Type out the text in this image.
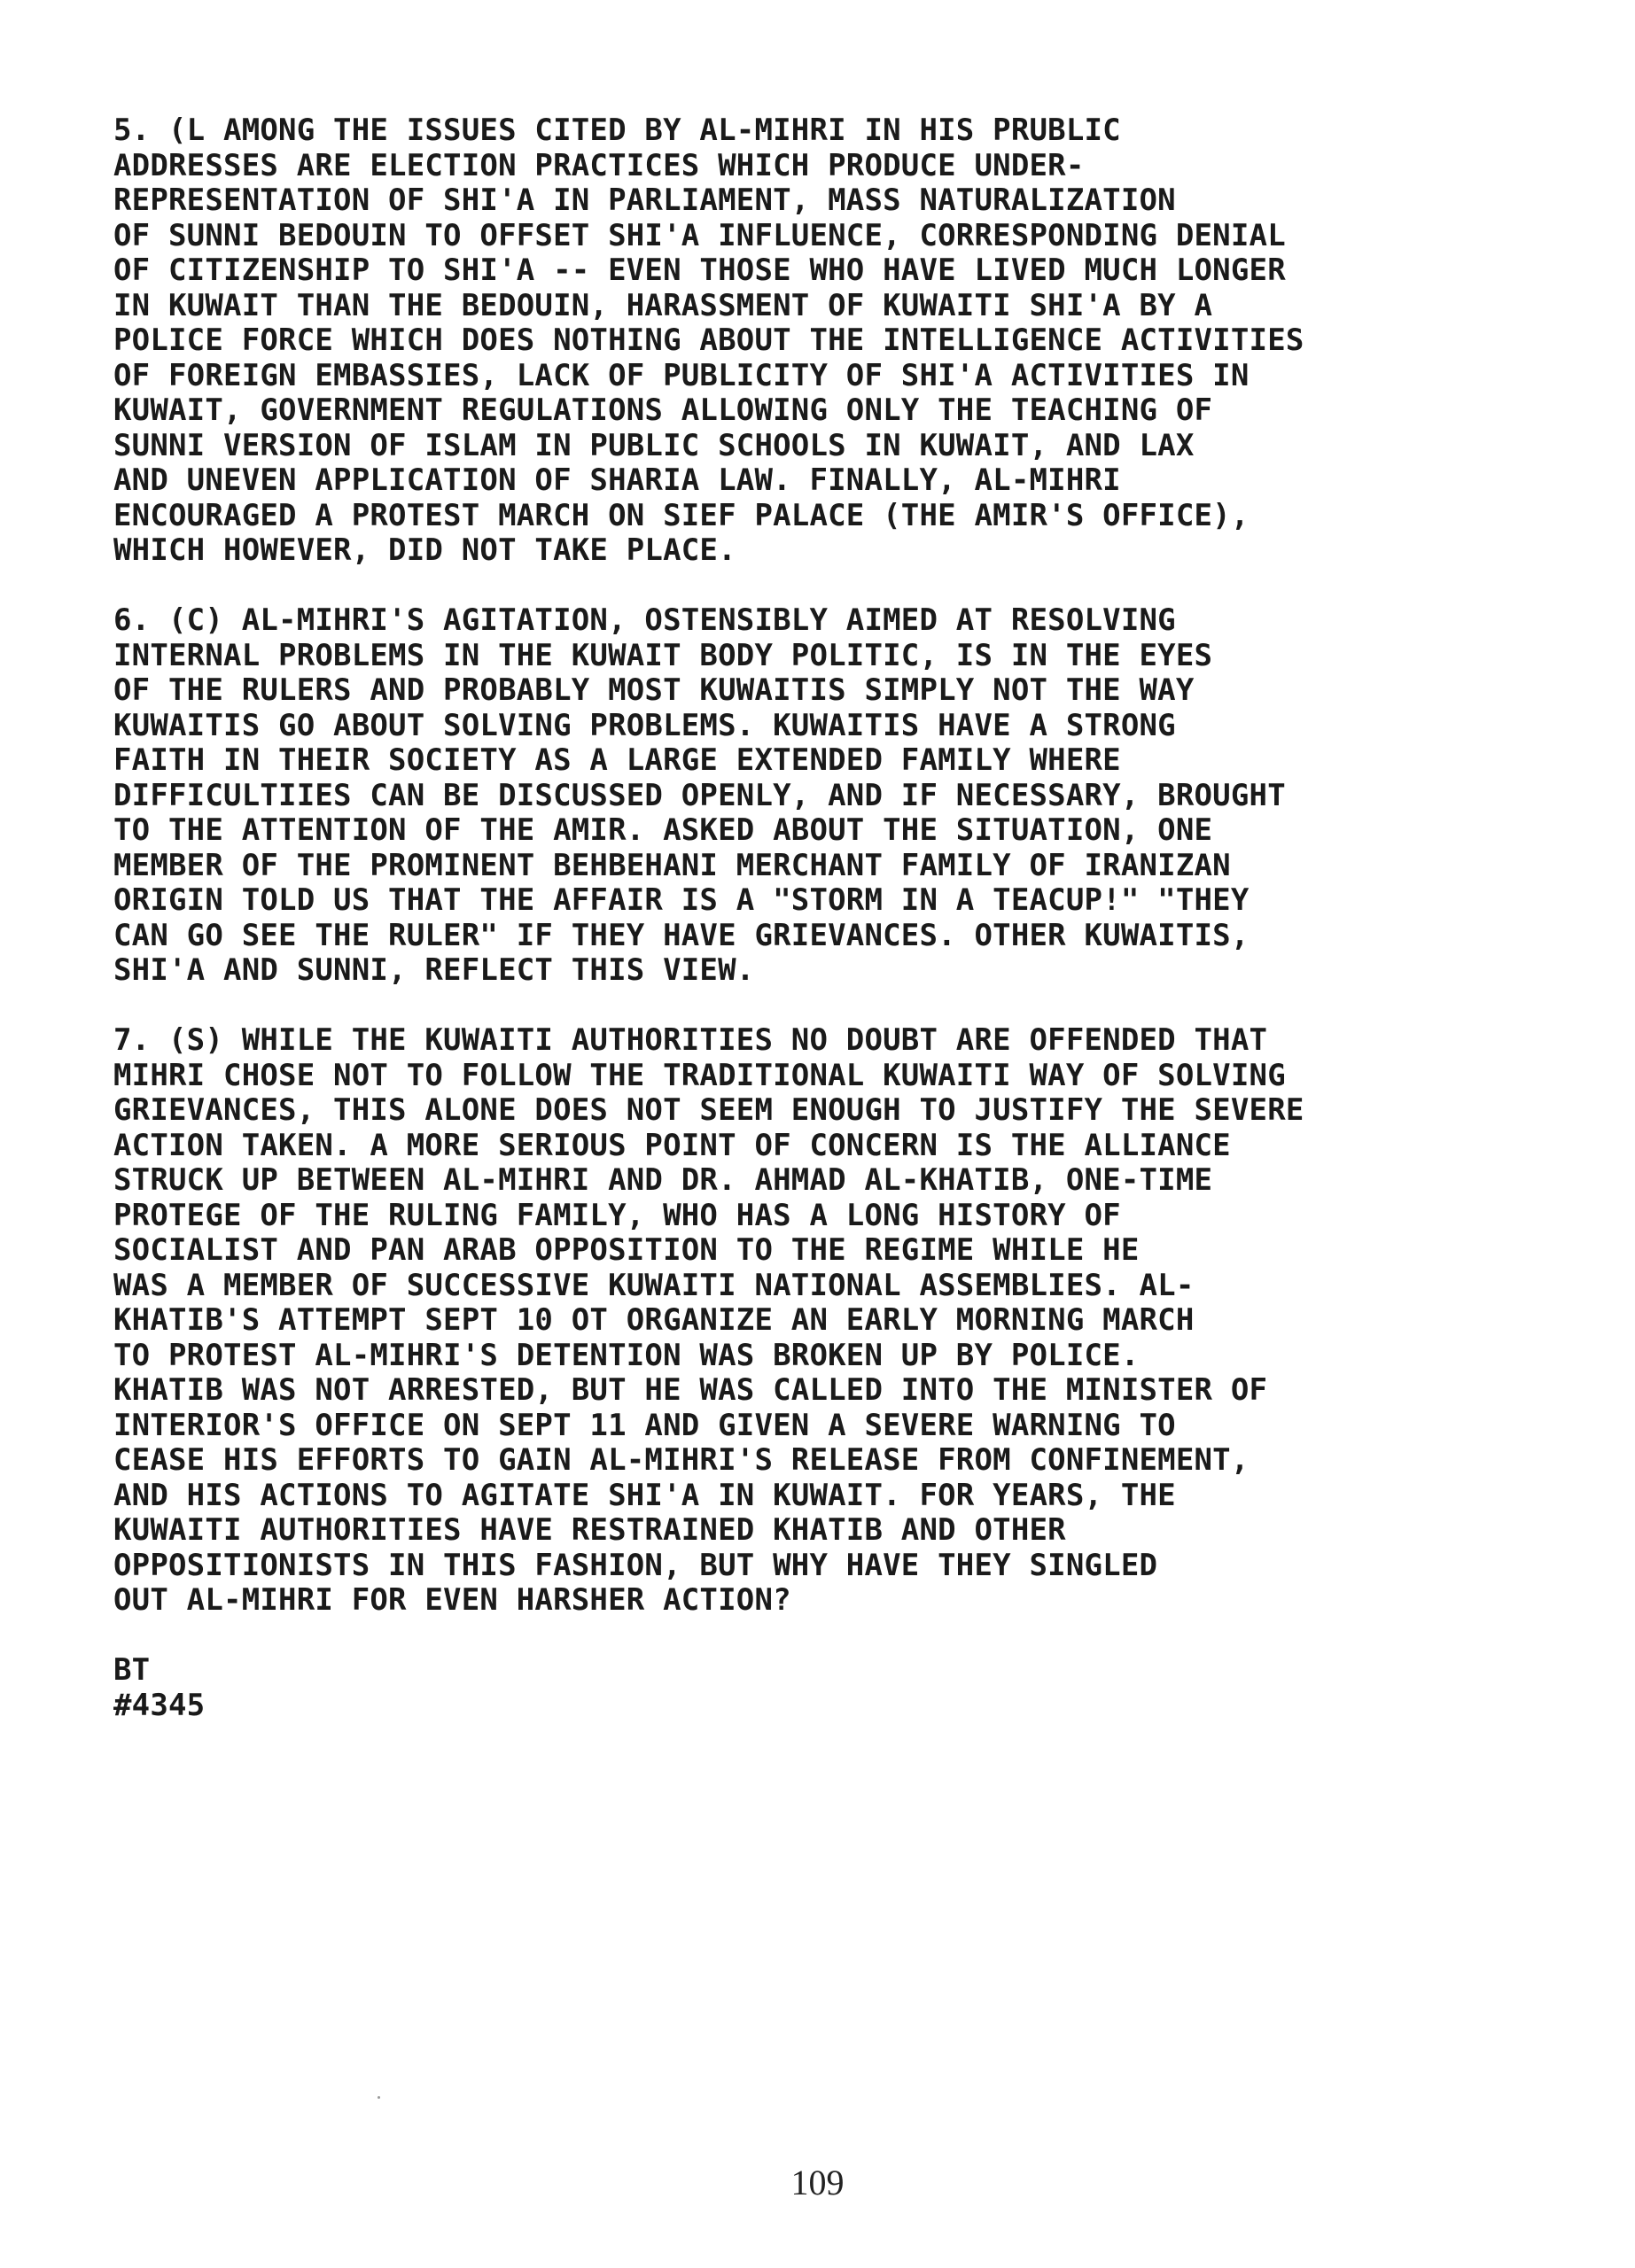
5. (L AMONG THE ISSUES CITED BY AL-MIHRI IN HIS PRUBLIC
ADDRESSES ARE ELECTION PRACTICES WHICH PRODUCE UNDER-
REPRESENTATION OF SHI'A IN PARLIAMENT, MASS NATURALIZATION
OF SUNNI BEDOUIN TO OFFSET SHI'A INFLUENCE, CORRESPONDING DENIAL
OF CITIZENSHIP TO SHI'A -- EVEN THOSE WHO HAVE LIVED MUCH LONGER
IN KUWAIT THAN THE BEDOUIN, HARASSMENT OF KUWAITI SHI'A BY A
POLICE FORCE WHICH DOES NOTHING ABOUT THE INTELLIGENCE ACTIVITIES
OF FOREIGN EMBASSIES, LACK OF PUBLICITY OF SHI'A ACTIVITIES IN
KUWAIT, GOVERNMENT REGULATIONS ALLOWING ONLY THE TEACHING OF
SUNNI VERSION OF ISLAM IN PUBLIC SCHOOLS IN KUWAIT, AND LAX
AND UNEVEN APPLICATION OF SHARIA LAW. FINALLY, AL-MIHRI
ENCOURAGED A PROTEST MARCH ON SIEF PALACE (THE AMIR'S OFFICE),
WHICH HOWEVER, DID NOT TAKE PLACE.
6. (C) AL-MIHRI'S AGITATION, OSTENSIBLY AIMED AT RESOLVING
INTERNAL PROBLEMS IN THE KUWAIT BODY POLITIC, IS IN THE EYES
OF THE RULERS AND PROBABLY MOST KUWAITIS SIMPLY NOT THE WAY
KUWAITIS GO ABOUT SOLVING PROBLEMS. KUWAITIS HAVE A STRONG
FAITH IN THEIR SOCIETY AS A LARGE EXTENDED FAMILY WHERE
DIFFICULTIIES CAN BE DISCUSSED OPENLY, AND IF NECESSARY, BROUGHT
TO THE ATTENTION OF THE AMIR. ASKED ABOUT THE SITUATION, ONE
MEMBER OF THE PROMINENT BEHBEHANI MERCHANT FAMILY OF IRANIZAN
ORIGIN TOLD US THAT THE AFFAIR IS A "STORM IN A TEACUP!" "THEY
CAN GO SEE THE RULER" IF THEY HAVE GRIEVANCES. OTHER KUWAITIS,
SHI'A AND SUNNI, REFLECT THIS VIEW.
7. (S) WHILE THE KUWAITI AUTHORITIES NO DOUBT ARE OFFENDED THAT
MIHRI CHOSE NOT TO FOLLOW THE TRADITIONAL KUWAITI WAY OF SOLVING
GRIEVANCES, THIS ALONE DOES NOT SEEM ENOUGH TO JUSTIFY THE SEVERE
ACTION TAKEN. A MORE SERIOUS POINT OF CONCERN IS THE ALLIANCE
STRUCK UP BETWEEN AL-MIHRI AND DR. AHMAD AL-KHATIB, ONE-TIME
PROTEGE OF THE RULING FAMILY, WHO HAS A LONG HISTORY OF
SOCIALIST AND PAN ARAB OPPOSITION TO THE REGIME WHILE HE
WAS A MEMBER OF SUCCESSIVE KUWAITI NATIONAL ASSEMBLIES. AL-
KHATIB'S ATTEMPT SEPT 10 OT ORGANIZE AN EARLY MORNING MARCH
TO PROTEST AL-MIHRI'S DETENTION WAS BROKEN UP BY POLICE.
KHATIB WAS NOT ARRESTED, BUT HE WAS CALLED INTO THE MINISTER OF
INTERIOR'S OFFICE ON SEPT 11 AND GIVEN A SEVERE WARNING TO
CEASE HIS EFFORTS TO GAIN AL-MIHRI'S RELEASE FROM CONFINEMENT,
AND HIS ACTIONS TO AGITATE SHI'A IN KUWAIT. FOR YEARS, THE
KUWAITI AUTHORITIES HAVE RESTRAINED KHATIB AND OTHER
OPPOSITIONISTS IN THIS FASHION, BUT WHY HAVE THEY SINGLED
OUT AL-MIHRI FOR EVEN HARSHER ACTION?
BT
#4345
109
